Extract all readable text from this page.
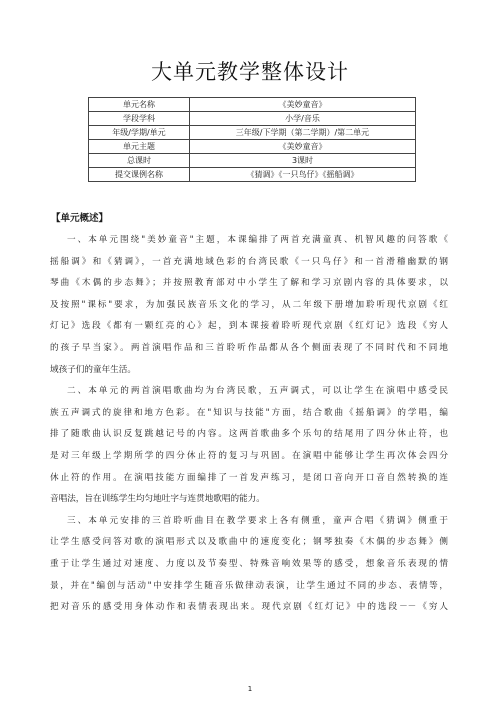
大单元教学整体设计
单元名称	《美妙童音》
学段学科	小学/音乐
年级/学期/单元	三年级/下学期（第二学期）/第二单元
单元主题	《美妙童音》
总课时	3课时
提交课例名称	《猜调》《一只鸟仔》《摇船调》
【单元概述】
一、本单元围绕"美妙童音"主题，本课编排了两首充满童真、机智风趣的问答歌《
摇船调》和《猜调》，一首充满地域色彩的台湾民歌《一只鸟仔》和一首滑稽幽默的钢
琴曲《木偶的步态舞》；并按照教育部对中小学生了解和学习京剧内容的具体要求，以
及按照"课标"要求，为加强民族音乐文化的学习，从二年级下册增加聆听现代京剧《红
灯记》选段《都有一颗红亮的心》起，到本课接着聆听现代京剧《红灯记》选段《穷人
的孩子早当家》。两首演唱作品和三首聆听作品都从各个侧面表现了不同时代和不同地
域孩子们的童年生活。
二、本单元的两首演唱歌曲均为台湾民歌，五声调式，可以让学生在演唱中感受民
族五声调式的旋律和地方色彩。在"知识与技能"方面，结合歌曲《摇船调》的学唱，编
排了随歌曲认识反复跳越记号的内容。这两首歌曲多个乐句的结尾用了四分休止符，也
是对三年级上学期所学的四分休止符的复习与巩固。在演唱中能够让学生再次体会四分
休止符的作用。在演唱技能方面编排了一首发声练习，是闭口音向开口音自然转换的连
音唱法，旨在训练学生均匀地吐字与连贯地歌唱的能力。
三、本单元安排的三首聆听曲目在教学要求上各有侧重，童声合唱《猜调》侧重于
让学生感受问答对歌的演唱形式以及歌曲中的速度变化；钢琴独奏《木偶的步态舞》侧
重于让学生通过对速度、力度以及节奏型、特殊音响效果等的感受，想象音乐表现的情
景，并在"编创与活动"中安排学生随音乐做律动表演，让学生通过不同的步态、表情等，
把对音乐的感受用身体动作和表情表现出来。现代京剧《红灯记》中的选段－－《穷人
1
